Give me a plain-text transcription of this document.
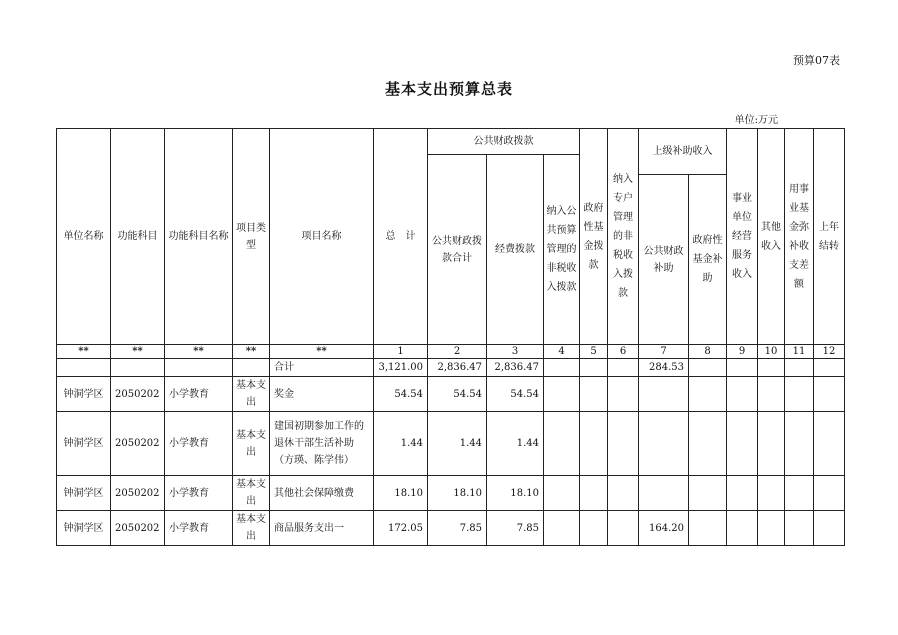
预算07表
基本支出预算总表
单位:万元
单位名称	功能科目	功能科目名称	项目类型	项目名称	总　计	公共财政拨款			政府性基金拨款	纳入专户管理的非税收入拨款	上级补助收入		事业单位经营服务收入	其他收入	用事业基金弥补收支差额	上年结转
						公共财政拨款合计	经费拨款	纳入公共预算管理的非税收入拨款								
											公共财政补助	政府性基金补助				
**	**	**	**	**	1	2	3	4	5	6	7	8	9	10	11	12
				合计	3,121.00	2,836.47	2,836.47				284.53					
钟洞学区	2050202	小学教育	基本支出	奖金	54.54	54.54	54.54									
钟洞学区	2050202	小学教育	基本支出	建国初期参加工作的退休干部生活补助（方瑛、陈学伟）	1.44	1.44	1.44									
钟洞学区	2050202	小学教育	基本支出	其他社会保障缴费	18.10	18.10	18.10									
钟洞学区	2050202	小学教育	基本支出	商品服务支出一	172.05	7.85	7.85				164.20					
